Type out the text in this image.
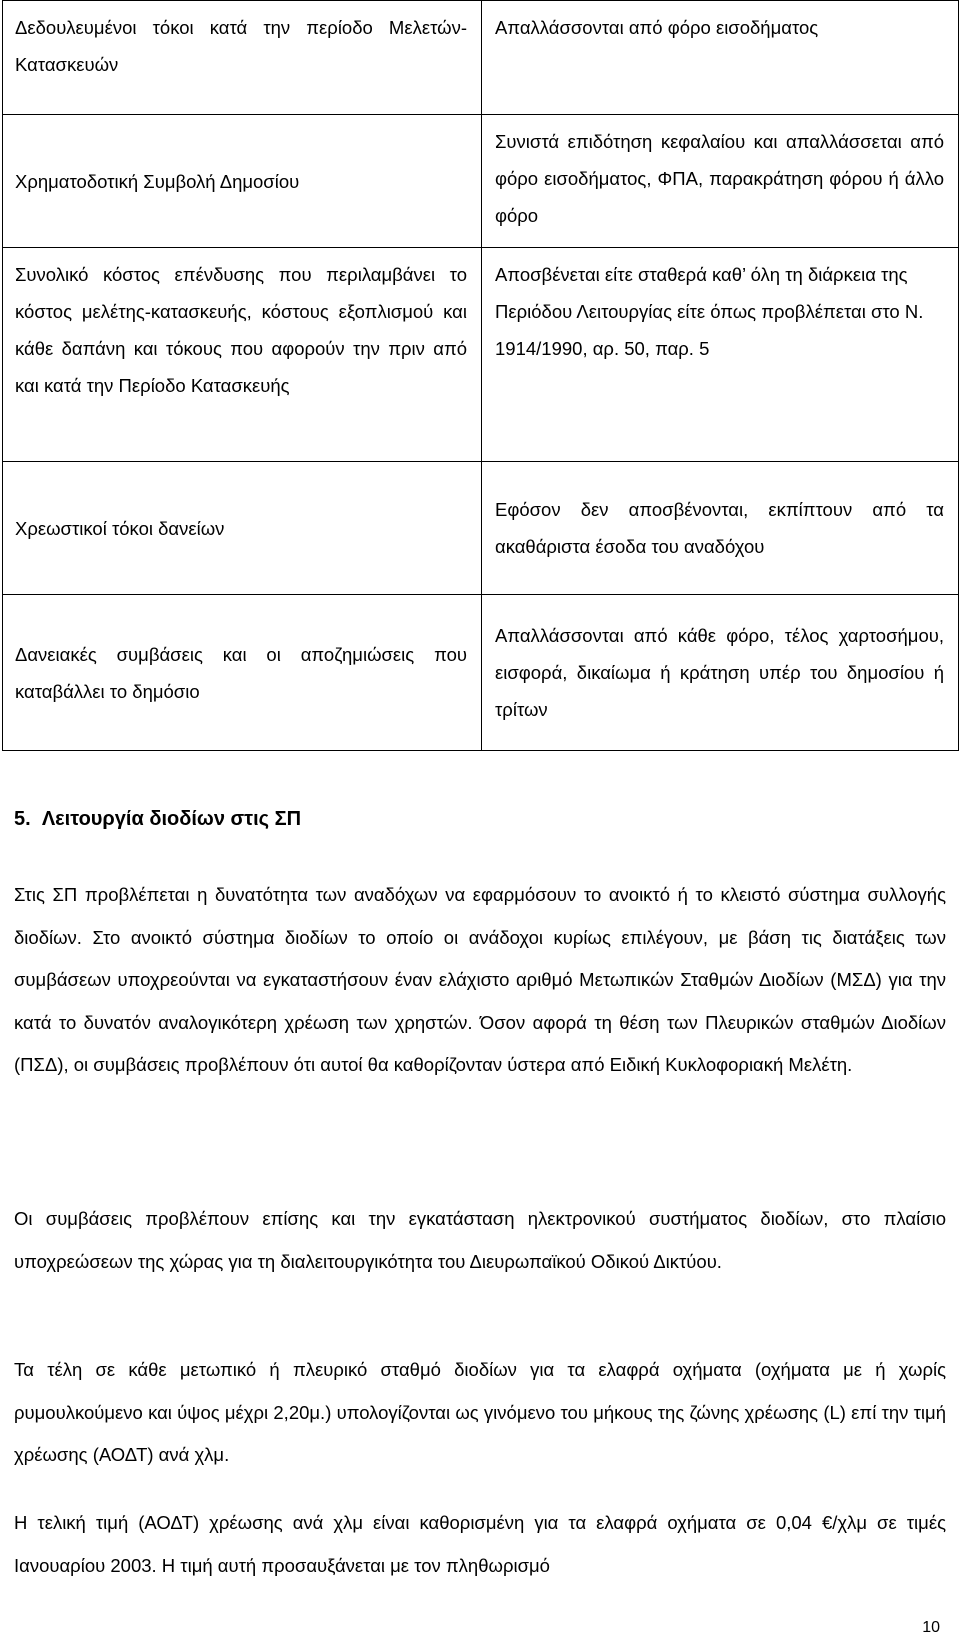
Δεδουλευμένοι τόκοι κατά την περίοδο Μελετών-Κατασκευών	Απαλλάσσονται από φόρο εισοδήματος

Χρηματοδοτική Συμβολή Δημοσίου	Συνιστά επιδότηση κεφαλαίου και απαλλάσσεται από φόρο εισοδήματος, ΦΠΑ, παρακράτηση φόρου ή άλλο φόρο

Συνολικό κόστος επένδυσης που περιλαμβάνει το κόστος μελέτης-κατασκευής, κόστους εξοπλισμού και κάθε δαπάνη και τόκους που αφορούν την πριν από και κατά την Περίοδο Κατασκευής	Αποσβένεται είτε σταθερά καθ’ όλη τη διάρκεια της Περιόδου Λειτουργίας είτε όπως προβλέπεται στο Ν. 1914/1990, αρ. 50, παρ. 5

Χρεωστικοί τόκοι δανείων	Εφόσον δεν αποσβένονται, εκπίπτουν από τα ακαθάριστα έσοδα του αναδόχου

Δανειακές συμβάσεις και οι αποζημιώσεις που καταβάλλει το δημόσιο	Απαλλάσσονται από κάθε φόρο, τέλος χαρτοσήμου, εισφορά, δικαίωμα ή κράτηση υπέρ του δημοσίου ή τρίτων
5. Λειτουργία διοδίων στις ΣΠ

Στις ΣΠ προβλέπεται η δυνατότητα των αναδόχων να εφαρμόσουν το ανοικτό ή το κλειστό σύστημα συλλογής διοδίων. Στο ανοικτό σύστημα διοδίων το οποίο οι ανάδοχοι κυρίως επιλέγουν, με βάση τις διατάξεις των συμβάσεων υποχρεούνται να εγκαταστήσουν έναν ελάχιστο αριθμό Μετωπικών Σταθμών Διοδίων (ΜΣΔ) για την κατά το δυνατόν αναλογικότερη χρέωση των χρηστών. Όσον αφορά τη θέση των Πλευρικών σταθμών Διοδίων (ΠΣΔ), οι συμβάσεις προβλέπουν ότι αυτοί θα καθορίζονταν ύστερα από Ειδική Κυκλοφοριακή Μελέτη.

Οι συμβάσεις προβλέπουν επίσης και την εγκατάσταση ηλεκτρονικού συστήματος διοδίων, στο πλαίσιο υποχρεώσεων της χώρας για τη διαλειτουργικότητα του Διευρωπαϊκού Οδικού Δικτύου.

Τα τέλη σε κάθε μετωπικό ή πλευρικό σταθμό διοδίων για τα ελαφρά οχήματα (οχήματα με ή χωρίς ρυμουλκούμενο και ύψος μέχρι 2,20μ.) υπολογίζονται ως γινόμενο του μήκους της ζώνης χρέωσης (L) επί την τιμή χρέωσης (ΑΟΔΤ) ανά χλμ.

Η τελική τιμή (ΑΟΔΤ) χρέωσης ανά χλμ είναι καθορισμένη για τα ελαφρά οχήματα σε 0,04 €/χλμ σε τιμές Ιανουαρίου 2003. Η τιμή αυτή προσαυξάνεται με τον πληθωρισμό

10
